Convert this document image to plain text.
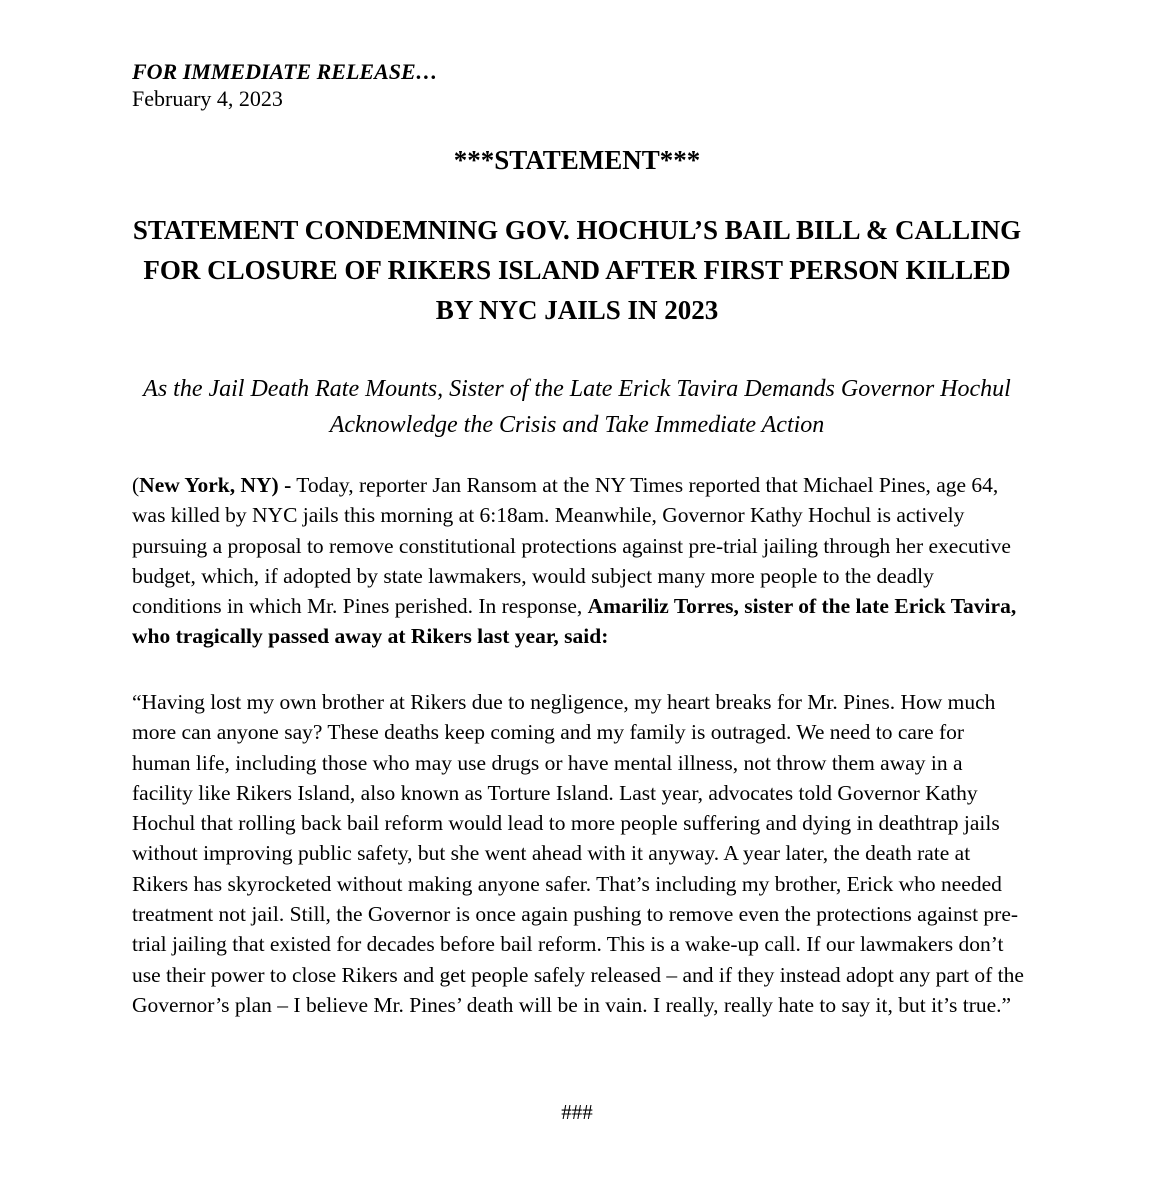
FOR IMMEDIATE RELEASE…
February 4, 2023
***STATEMENT***
STATEMENT CONDEMNING GOV. HOCHUL’S BAIL BILL & CALLING FOR CLOSURE OF RIKERS ISLAND AFTER FIRST PERSON KILLED BY NYC JAILS IN 2023
As the Jail Death Rate Mounts, Sister of the Late Erick Tavira Demands Governor Hochul Acknowledge the Crisis and Take Immediate Action
(New York, NY) - Today, reporter Jan Ransom at the NY Times reported that Michael Pines, age 64, was killed by NYC jails this morning at 6:18am. Meanwhile, Governor Kathy Hochul is actively pursuing a proposal to remove constitutional protections against pre-trial jailing through her executive budget, which, if adopted by state lawmakers, would subject many more people to the deadly conditions in which Mr. Pines perished. In response, Amariliz Torres, sister of the late Erick Tavira, who tragically passed away at Rikers last year, said:
“Having lost my own brother at Rikers due to negligence, my heart breaks for Mr. Pines. How much more can anyone say? These deaths keep coming and my family is outraged. We need to care for human life, including those who may use drugs or have mental illness, not throw them away in a facility like Rikers Island, also known as Torture Island. Last year, advocates told Governor Kathy Hochul that rolling back bail reform would lead to more people suffering and dying in deathtrap jails without improving public safety, but she went ahead with it anyway. A year later, the death rate at Rikers has skyrocketed without making anyone safer. That’s including my brother, Erick who needed treatment not jail. Still, the Governor is once again pushing to remove even the protections against pre-trial jailing that existed for decades before bail reform. This is a wake-up call. If our lawmakers don’t use their power to close Rikers and get people safely released – and if they instead adopt any part of the Governor’s plan – I believe Mr. Pines’ death will be in vain. I really, really hate to say it, but it’s true.”
###
